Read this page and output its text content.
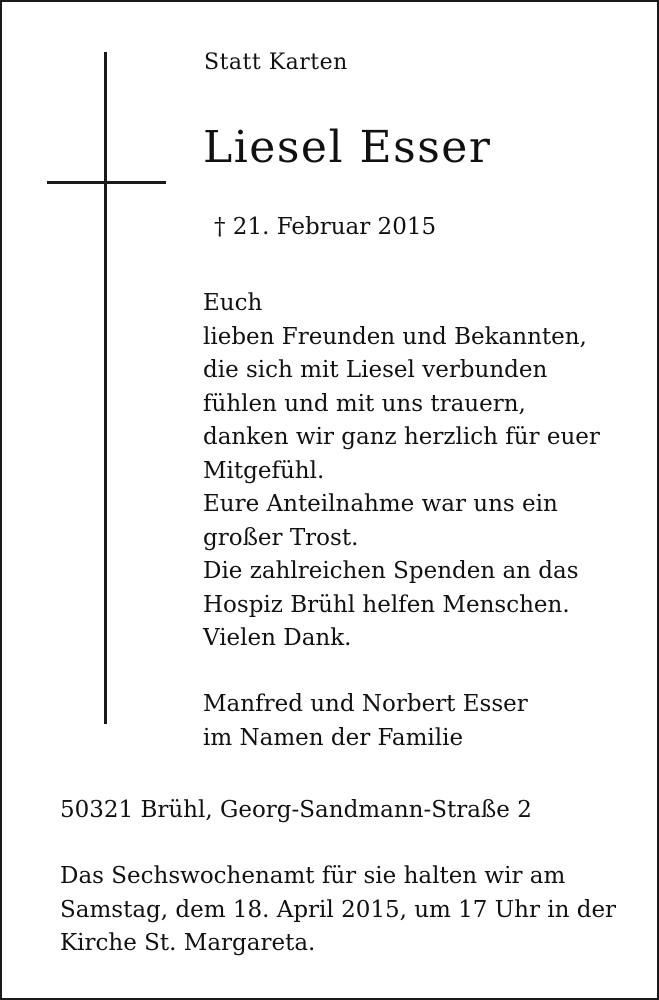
Statt Karten
Liesel Esser
† 21. Februar 2015
Euch
lieben Freunden und Bekannten,
die sich mit Liesel verbunden
fühlen und mit uns trauern,
danken wir ganz herzlich für euer
Mitgefühl.
Eure Anteilnahme war uns ein
großer Trost.
Die zahlreichen Spenden an das
Hospiz Brühl helfen Menschen.
Vielen Dank.
Manfred und Norbert Esser
im Namen der Familie
50321 Brühl, Georg-Sandmann-Straße 2
Das Sechswochenamt für sie halten wir am
Samstag, dem 18. April 2015, um 17 Uhr in der
Kirche St. Margareta.
